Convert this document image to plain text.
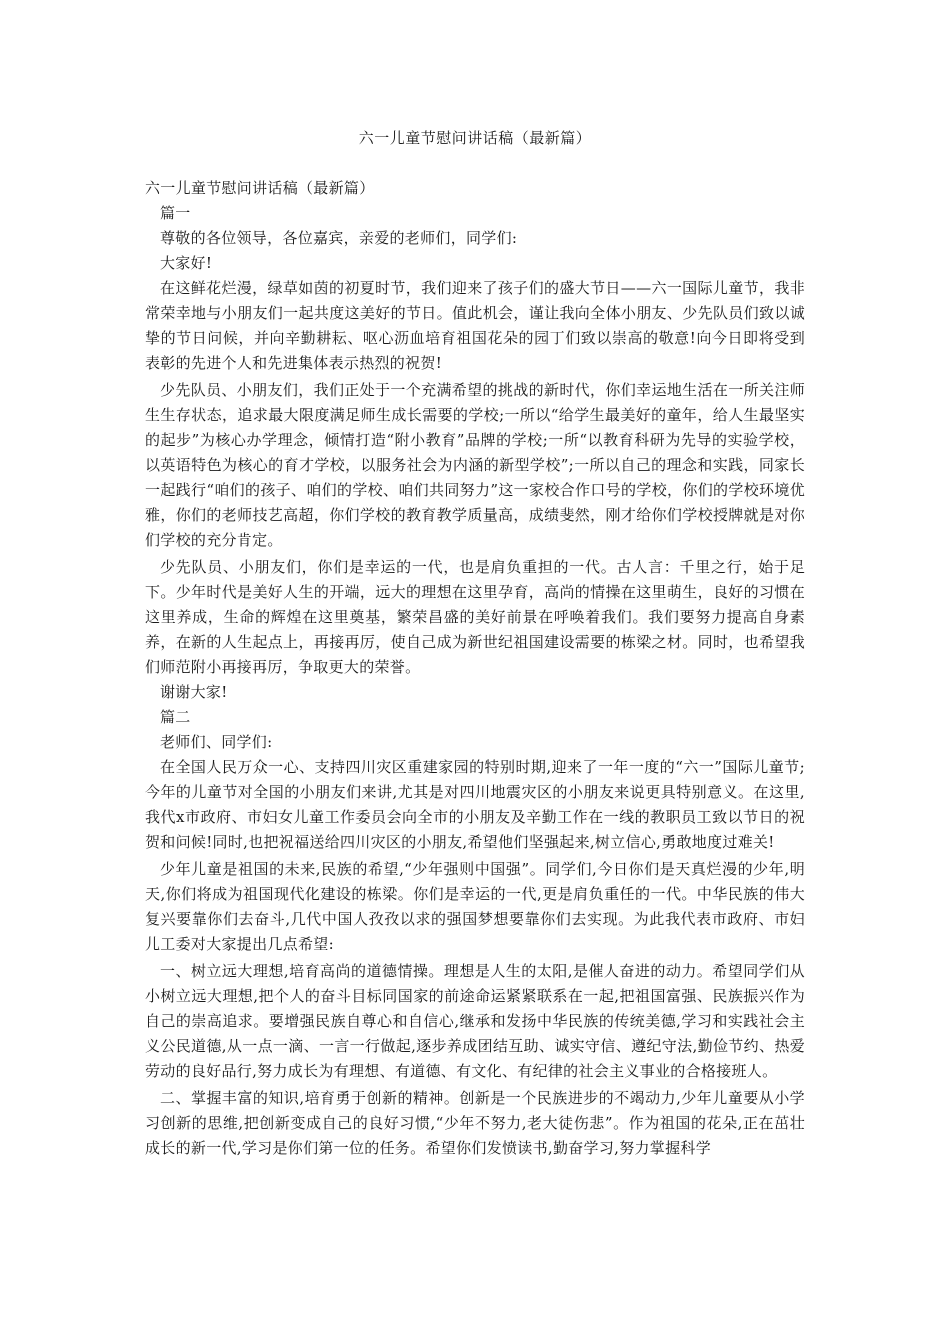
六一儿童节慰问讲话稿（最新篇）

六一儿童节慰问讲话稿（最新篇）

篇一

尊敬的各位领导，各位嘉宾，亲爱的老师们，同学们:

大家好!

在这鲜花烂漫，绿草如茵的初夏时节，我们迎来了孩子们的盛大节日——六一国际儿童节，我非常荣幸地与小朋友们一起共度这美好的节日。值此机会，谨让我向全体小朋友、少先队员们致以诚挚的节日问候，并向辛勤耕耘、呕心沥血培育祖国花朵的园丁们致以崇高的敬意!向今日即将受到表彰的先进个人和先进集体表示热烈的祝贺!

少先队员、小朋友们，我们正处于一个充满希望的挑战的新时代，你们幸运地生活在一所关注师生生存状态，追求最大限度满足师生成长需要的学校;一所以“给学生最美好的童年，给人生最坚实的起步”为核心办学理念，倾情打造“附小教育”品牌的学校;一所“以教育科研为先导的实验学校，以英语特色为核心的育才学校，以服务社会为内涵的新型学校”;一所以自己的理念和实践，同家长一起践行“咱们的孩子、咱们的学校、咱们共同努力”这一家校合作口号的学校，你们的学校环境优雅，你们的老师技艺高超，你们学校的教育教学质量高，成绩斐然，刚才给你们学校授牌就是对你们学校的充分肯定。

少先队员、小朋友们，你们是幸运的一代，也是肩负重担的一代。古人言：千里之行，始于足下。少年时代是美好人生的开端，远大的理想在这里孕育，高尚的情操在这里萌生，良好的习惯在这里养成，生命的辉煌在这里奠基，繁荣昌盛的美好前景在呼唤着我们。我们要努力提高自身素养，在新的人生起点上，再接再厉，使自己成为新世纪祖国建设需要的栋梁之材。同时，也希望我们师范附小再接再厉，争取更大的荣誉。

谢谢大家!

篇二

老师们、同学们:

在全国人民万众一心、支持四川灾区重建家园的特别时期,迎来了一年一度的“六一”国际儿童节;今年的儿童节对全国的小朋友们来讲,尤其是对四川地震灾区的小朋友来说更具特别意义。在这里,我代x市政府、市妇女儿童工作委员会向全市的小朋友及辛勤工作在一线的教职员工致以节日的祝贺和问候!同时,也把祝福送给四川灾区的小朋友,希望他们坚强起来,树立信心,勇敢地度过难关!

少年儿童是祖国的未来,民族的希望,“少年强则中国强”。同学们,今日你们是天真烂漫的少年,明天,你们将成为祖国现代化建设的栋梁。你们是幸运的一代,更是肩负重任的一代。中华民族的伟大复兴要靠你们去奋斗,几代中国人孜孜以求的强国梦想要靠你们去实现。为此我代表市政府、市妇儿工委对大家提出几点希望:

一、树立远大理想,培育高尚的道德情操。理想是人生的太阳,是催人奋进的动力。希望同学们从小树立远大理想,把个人的奋斗目标同国家的前途命运紧紧联系在一起,把祖国富强、民族振兴作为自己的崇高追求。要增强民族自尊心和自信心,继承和发扬中华民族的传统美德,学习和实践社会主义公民道德,从一点一滴、一言一行做起,逐步养成团结互助、诚实守信、遵纪守法,勤俭节约、热爱劳动的良好品行,努力成长为有理想、有道德、有文化、有纪律的社会主义事业的合格接班人。

二、掌握丰富的知识,培育勇于创新的精神。创新是一个民族进步的不竭动力,少年儿童要从小学习创新的思维,把创新变成自己的良好习惯,“少年不努力,老大徒伤悲”。作为祖国的花朵,正在茁壮成长的新一代,学习是你们第一位的任务。希望你们发愤读书,勤奋学习,努力掌握科学
